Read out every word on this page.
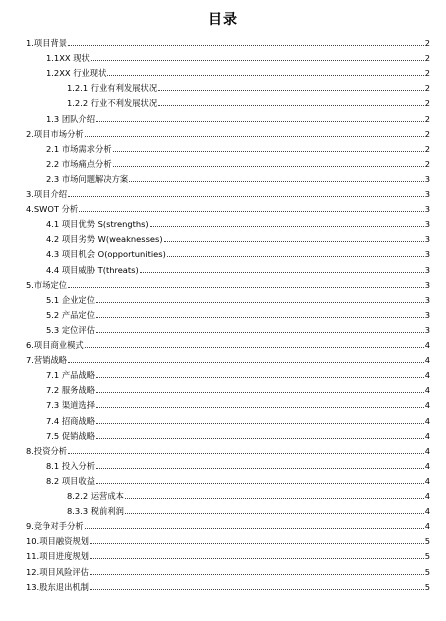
目录
1.项目背景	2
1.1XX 现状	2
1.2XX 行业现状	2
1.2.1 行业有利发展状况	2
1.2.2 行业不利发展状况	2
1.3 团队介绍	2
2.项目市场分析	2
2.1 市场需求分析	2
2.2 市场痛点分析	2
2.3 市场问题解决方案	3
3.项目介绍	3
4.SWOT 分析	3
4.1 项目优势 S(strengths)	3
4.2 项目劣势 W(weaknesses)	3
4.3 项目机会 O(opportunities)	3
4.4 项目威胁 T(threats)	3
5.市场定位	3
5.1 企业定位	3
5.2 产品定位	3
5.3 定位评估	3
6.项目商业模式	4
7.营销战略	4
7.1 产品战略	4
7.2 服务战略	4
7.3 渠道选择	4
7.4 招商战略	4
7.5 促销战略	4
8.投资分析	4
8.1 投入分析	4
8.2 项目收益	4
8.2.2 运营成本	4
8.3.3 税前利润	4
9.竞争对手分析	4
10.项目融资规划	5
11.项目进度规划	5
12.项目风险评估	5
13.股东退出机制	5
